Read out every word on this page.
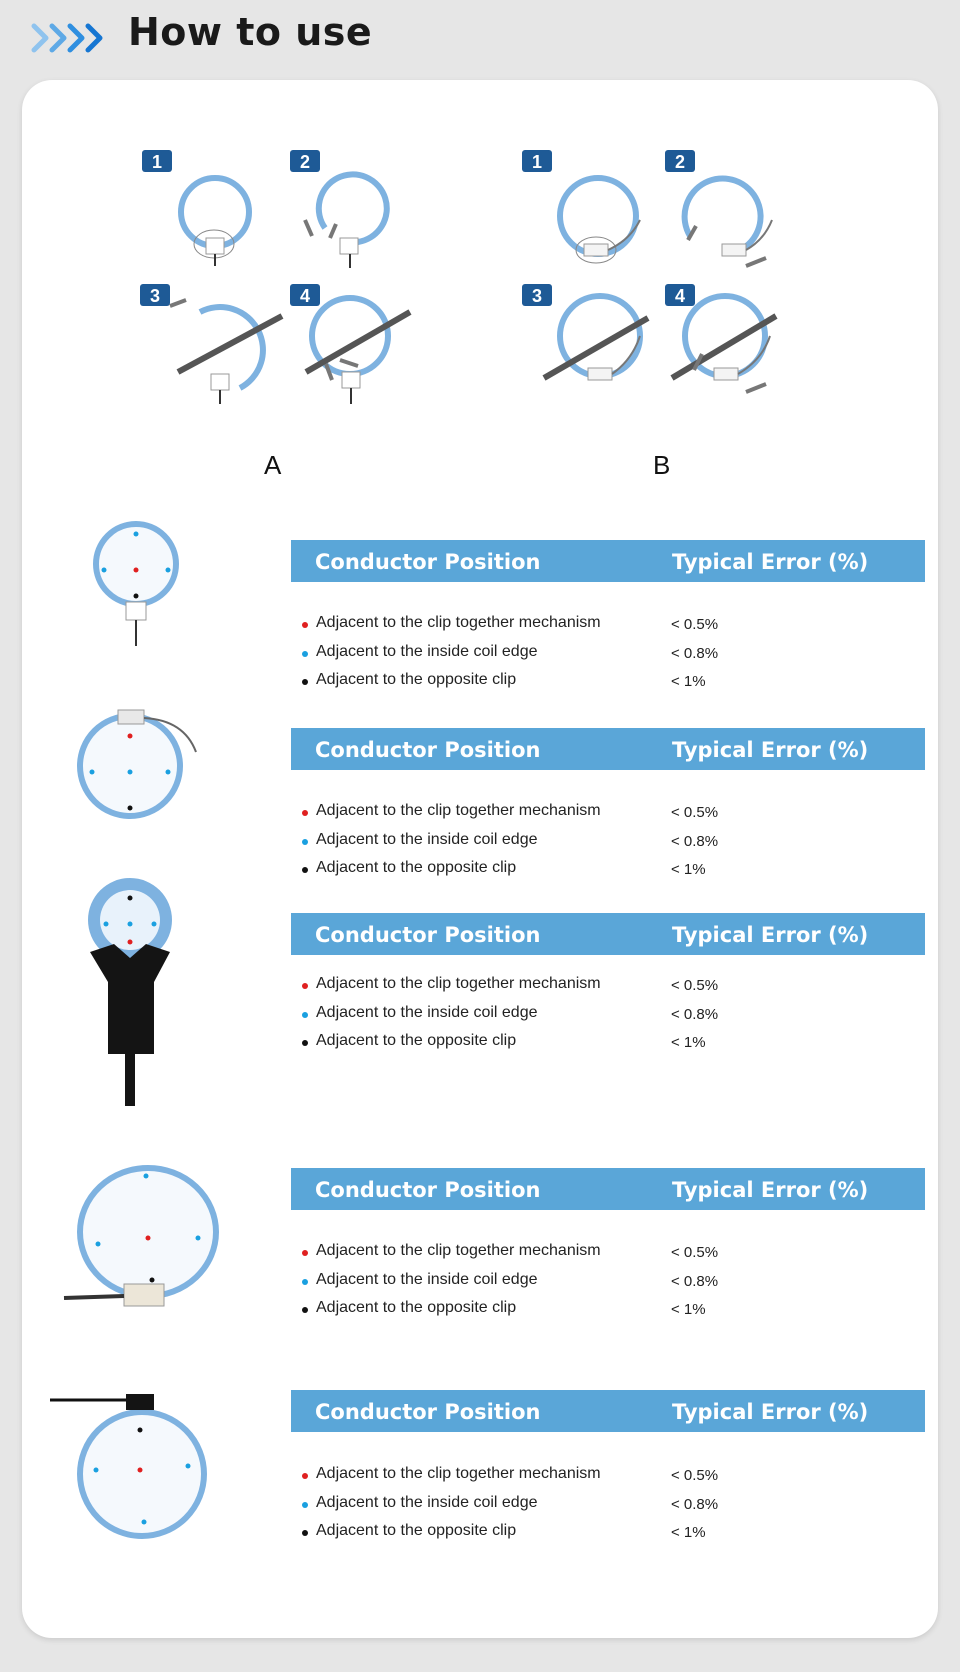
How to use
1	2
3	4
A
1	2
3	4
B
Conductor Position	Typical Error (%)
Adjacent to the clip together mechanism	< 0.5%
Adjacent to the inside coil edge	< 0.8%
Adjacent to the opposite clip	< 1%
Conductor Position	Typical Error (%)
Adjacent to the clip together mechanism	< 0.5%
Adjacent to the inside coil edge	< 0.8%
Adjacent to the opposite clip	< 1%
Conductor Position	Typical Error (%)
Adjacent to the clip together mechanism	< 0.5%
Adjacent to the inside coil edge	< 0.8%
Adjacent to the opposite clip	< 1%
Conductor Position	Typical Error (%)
Adjacent to the clip together mechanism	< 0.5%
Adjacent to the inside coil edge	< 0.8%
Adjacent to the opposite clip	< 1%
Conductor Position	Typical Error (%)
Adjacent to the clip together mechanism	< 0.5%
Adjacent to the inside coil edge	< 0.8%
Adjacent to the opposite clip	< 1%
